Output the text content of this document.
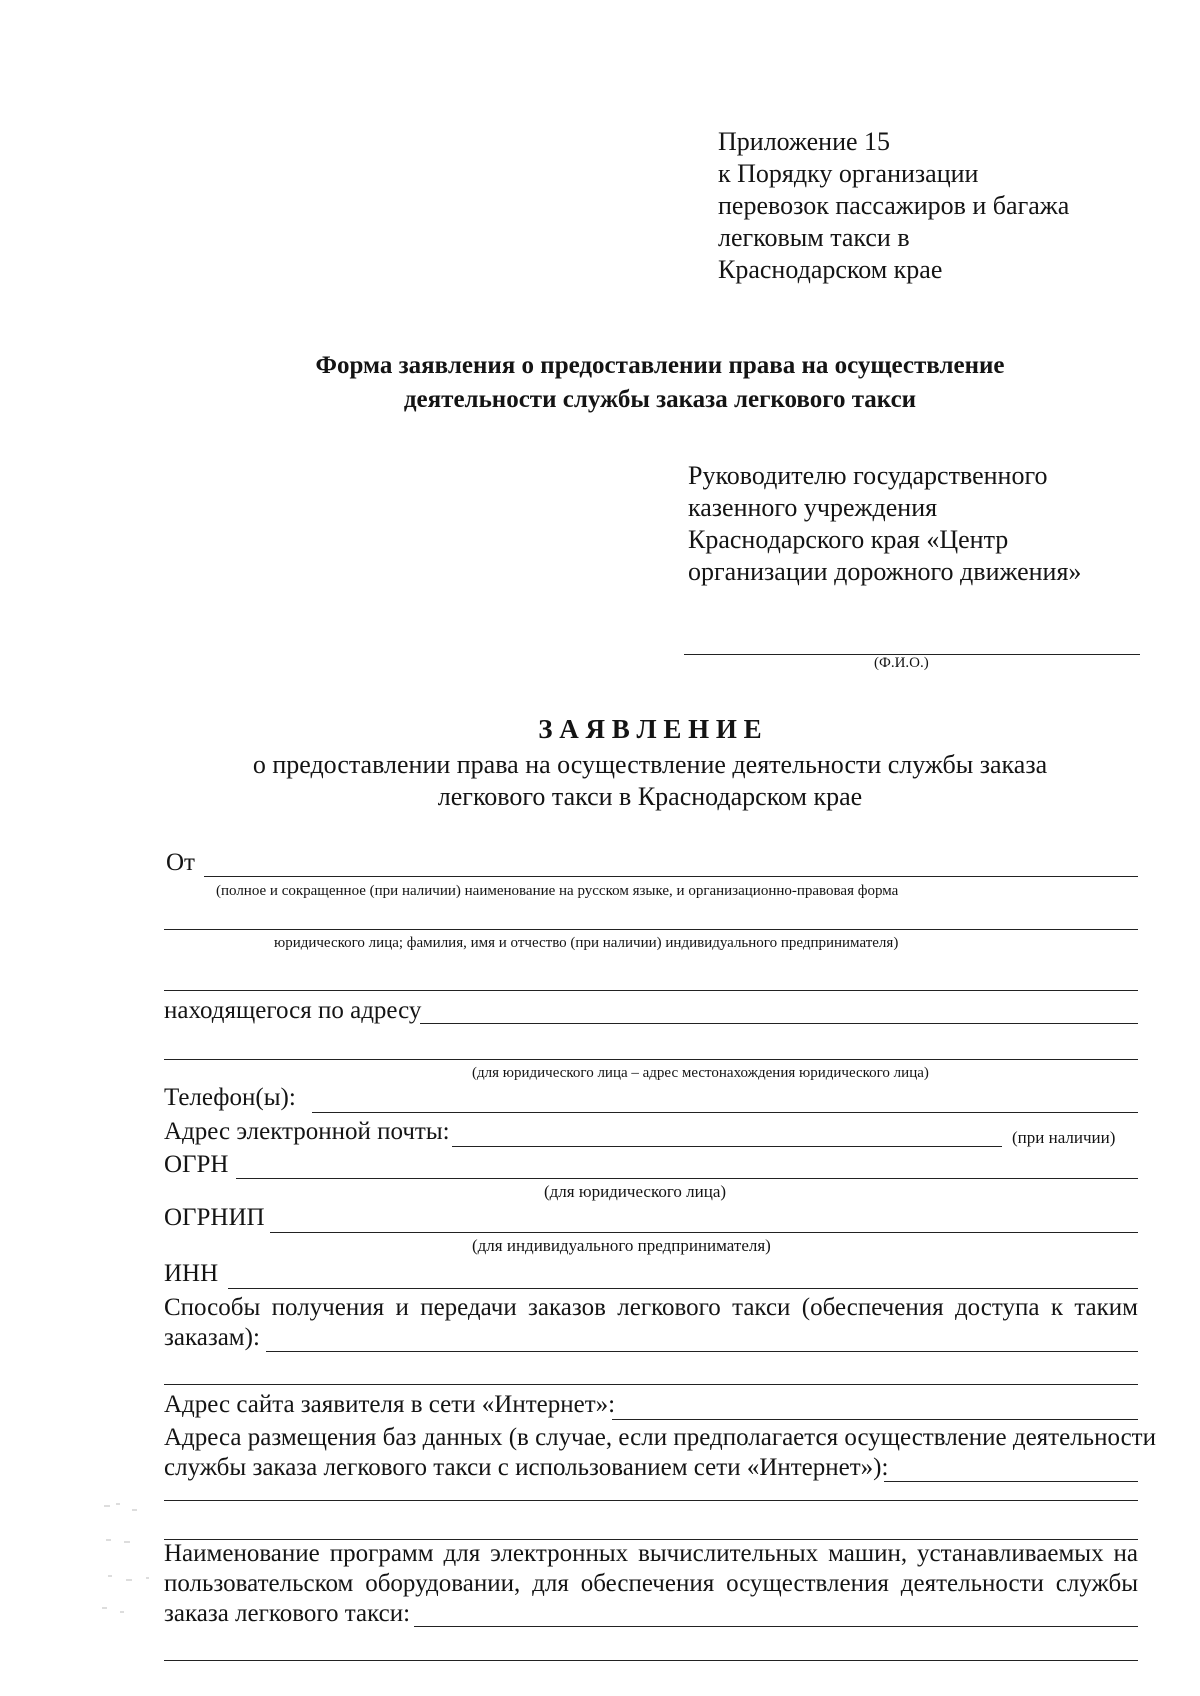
Приложение 15
к Порядку организации
перевозок пассажиров и багажа
легковым такси в
Краснодарском крае
Форма заявления о предоставлении права на осуществление
деятельности службы заказа легкового такси
Руководителю государственного
казенного учреждения
Краснодарского края «Центр
организации дорожного движения»
(Ф.И.О.)
З А Я В Л Е Н И Е
о предоставлении права на осуществление деятельности службы заказа
легкового такси в Краснодарском крае
От
(полное и сокращенное (при наличии) наименование на русском языке, и организационно-правовая форма
юридического лица; фамилия, имя и отчество (при наличии) индивидуального предпринимателя)
находящегося по адресу
(для юридического лица – адрес местонахождения юридического лица)
Телефон(ы):
Адрес электронной почты:	(при наличии)
ОГРН
(для юридического лица)
ОГРНИП
(для индивидуального предпринимателя)
ИНН
Способы получения и передачи заказов легкового такси (обеспечения доступа к таким
заказам):
Адрес сайта заявителя в сети «Интернет»:
Адреса размещения баз данных (в случае, если предполагается осуществление деятельности
службы заказа легкового такси с использованием сети «Интернет»):
Наименование программ для электронных вычислительных машин, устанавливаемых на
пользовательском оборудовании, для обеспечения осуществления деятельности службы
заказа легкового такси:
